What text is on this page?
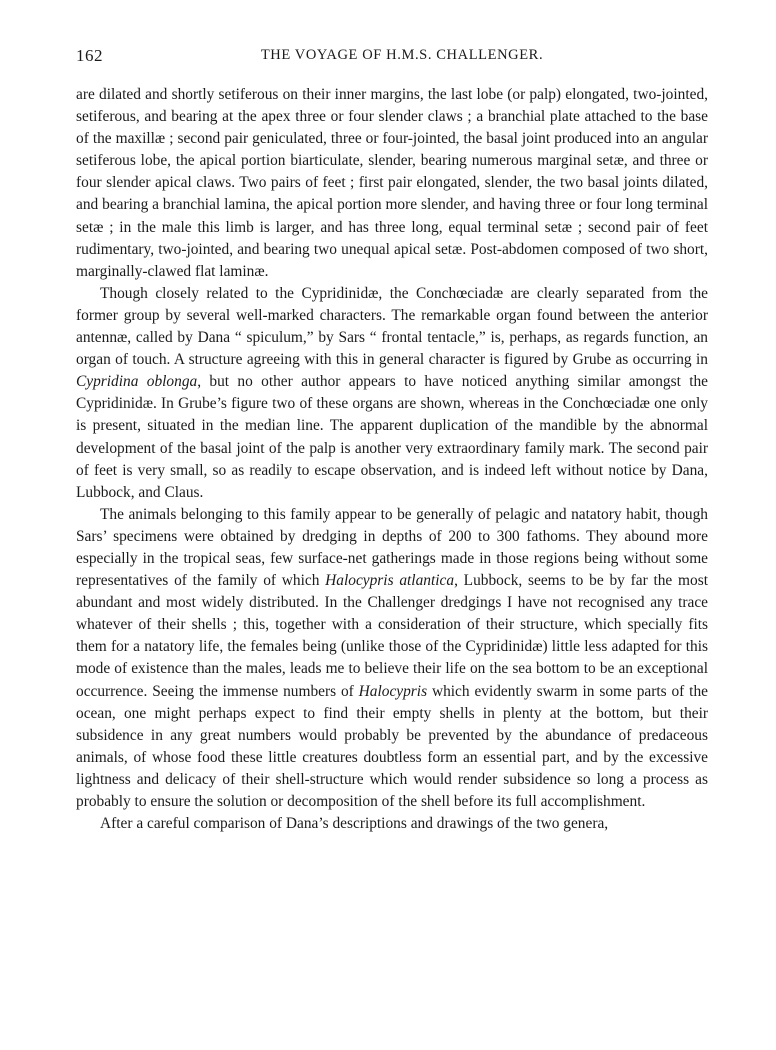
162	THE VOYAGE OF H.M.S. CHALLENGER.

are dilated and shortly setiferous on their inner margins, the last lobe (or palp) elongated, two-jointed, setiferous, and bearing at the apex three or four slender claws ; a branchial plate attached to the base of the maxillæ ; second pair geniculated, three or four-jointed, the basal joint produced into an angular setiferous lobe, the apical portion biarticulate, slender, bearing numerous marginal setæ, and three or four slender apical claws. Two pairs of feet ; first pair elongated, slender, the two basal joints dilated, and bearing a branchial lamina, the apical portion more slender, and having three or four long terminal setæ ; in the male this limb is larger, and has three long, equal terminal setæ ; second pair of feet rudimentary, two-jointed, and bearing two unequal apical setæ. Post-abdomen composed of two short, marginally-clawed flat laminæ.

Though closely related to the Cypridinidæ, the Conchœciadæ are clearly separated from the former group by several well-marked characters. The remarkable organ found between the anterior antennæ, called by Dana “ spiculum,” by Sars “ frontal tentacle,” is, perhaps, as regards function, an organ of touch. A structure agreeing with this in general character is figured by Grube as occurring in Cypridina oblonga, but no other author appears to have noticed anything similar amongst the Cypridinidæ. In Grube’s figure two of these organs are shown, whereas in the Conchœciadæ one only is present, situated in the median line. The apparent duplication of the mandible by the abnormal development of the basal joint of the palp is another very extraordinary family mark. The second pair of feet is very small, so as readily to escape observation, and is indeed left without notice by Dana, Lubbock, and Claus.

The animals belonging to this family appear to be generally of pelagic and natatory habit, though Sars’ specimens were obtained by dredging in depths of 200 to 300 fathoms. They abound more especially in the tropical seas, few surface-net gatherings made in those regions being without some representatives of the family of which Halocypris atlantica, Lubbock, seems to be by far the most abundant and most widely distributed. In the Challenger dredgings I have not recognised any trace whatever of their shells ; this, together with a consideration of their structure, which specially fits them for a natatory life, the females being (unlike those of the Cypridinidæ) little less adapted for this mode of existence than the males, leads me to believe their life on the sea bottom to be an exceptional occurrence. Seeing the immense numbers of Halocypris which evidently swarm in some parts of the ocean, one might perhaps expect to find their empty shells in plenty at the bottom, but their subsidence in any great numbers would probably be prevented by the abundance of predaceous animals, of whose food these little creatures doubtless form an essential part, and by the excessive lightness and delicacy of their shell-structure which would render subsidence so long a process as probably to ensure the solution or decomposition of the shell before its full accomplishment.

After a careful comparison of Dana’s descriptions and drawings of the two genera,
